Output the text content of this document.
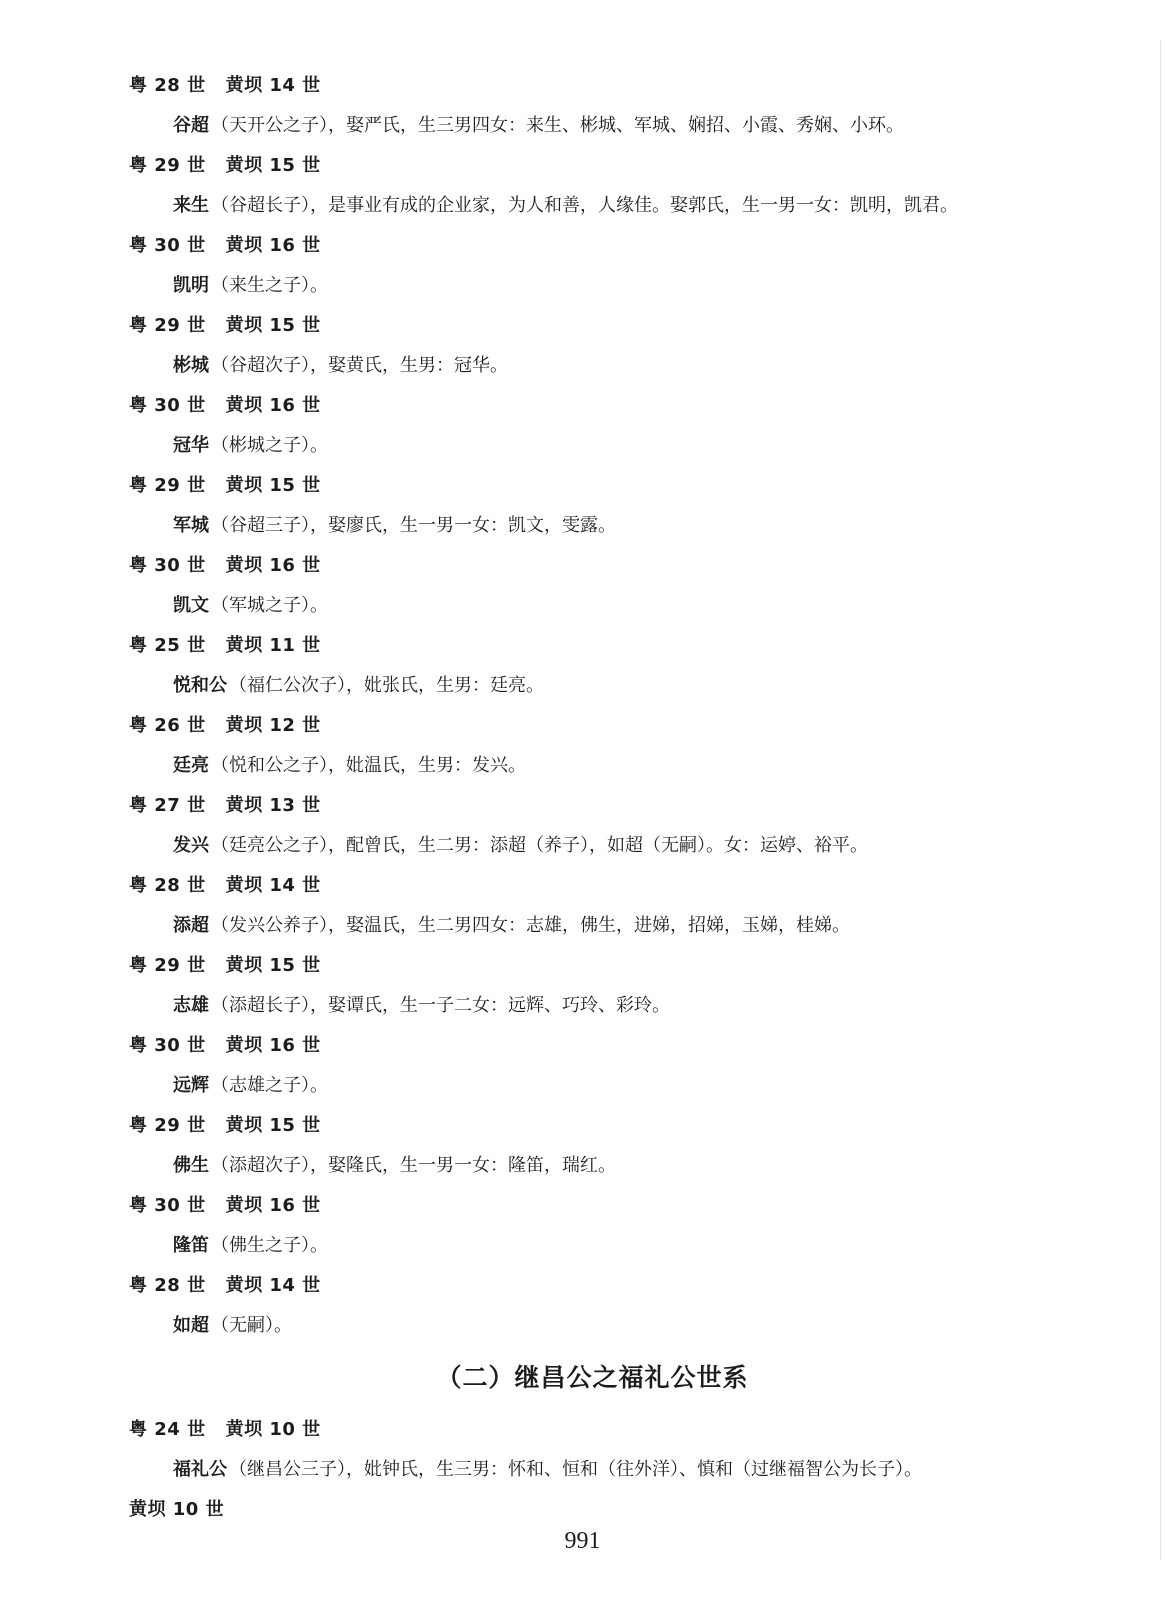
粤 28 世 黄坝 14 世
谷超 （天开公之子），娶严氏，生三男四女：来生、彬城、军城、娴招、小霞、秀娴、小环。
粤 29 世 黄坝 15 世
来生 （谷超长子），是事业有成的企业家，为人和善，人缘佳。娶郭氏，生一男一女：凯明，凯君。
粤 30 世 黄坝 16 世
凯明 （来生之子）。
粤 29 世 黄坝 15 世
彬城 （谷超次子），娶黄氏，生男：冠华。
粤 30 世 黄坝 16 世
冠华 （彬城之子）。
粤 29 世 黄坝 15 世
军城 （谷超三子），娶廖氏，生一男一女：凯文，雯露。
粤 30 世 黄坝 16 世
凯文 （军城之子）。
粤 25 世 黄坝 11 世
悦和公 （福仁公次子），妣张氏，生男：廷亮。
粤 26 世 黄坝 12 世
廷亮 （悦和公之子），妣温氏，生男：发兴。
粤 27 世 黄坝 13 世
发兴 （廷亮公之子），配曾氏，生二男：添超（养子），如超（无嗣）。女：运婷、裕平。
粤 28 世 黄坝 14 世
添超 （发兴公养子），娶温氏，生二男四女：志雄，佛生，进娣，招娣，玉娣，桂娣。
粤 29 世 黄坝 15 世
志雄 （添超长子），娶谭氏，生一子二女：远辉、巧玲、彩玲。
粤 30 世 黄坝 16 世
远辉 （志雄之子）。
粤 29 世 黄坝 15 世
佛生 （添超次子），娶隆氏，生一男一女：隆笛，瑞红。
粤 30 世 黄坝 16 世
隆笛 （佛生之子）。
粤 28 世 黄坝 14 世
如超 （无嗣）。
（二）继昌公之福礼公世系
粤 24 世 黄坝 10 世
福礼公 （继昌公三子），妣钟氏，生三男：怀和、恒和（往外洋）、慎和（过继福智公为长子）。
黄坝 10 世
991
